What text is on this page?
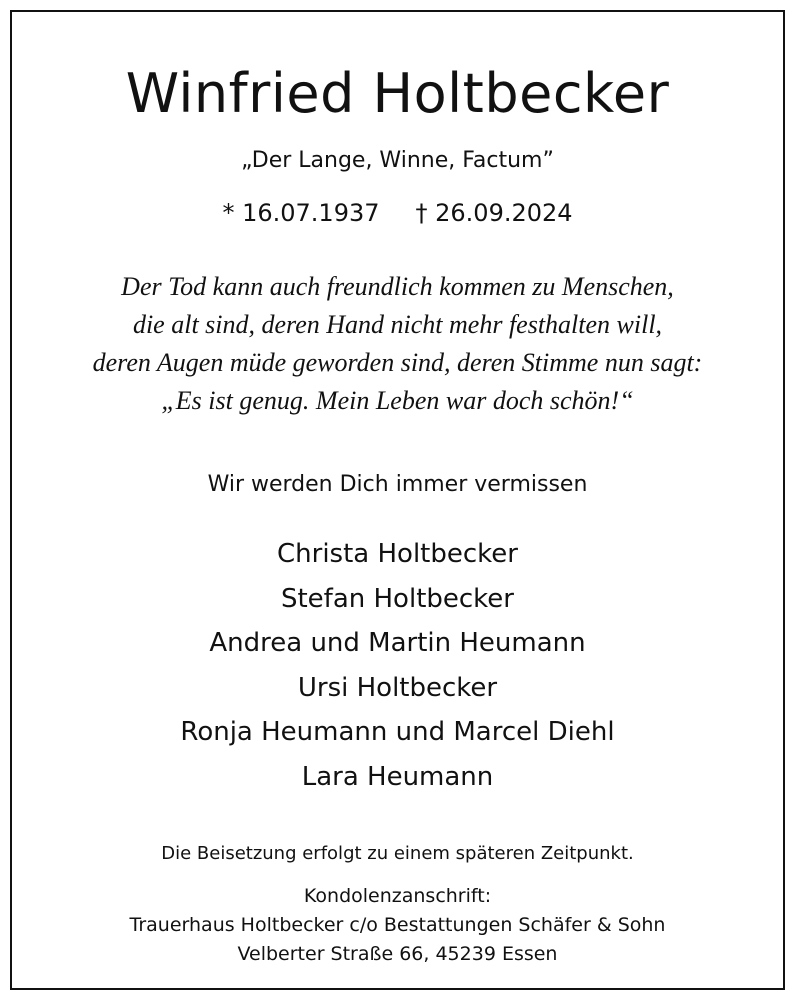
Winfried Holtbecker
„Der Lange, Winne, Factum”
* 16.07.1937 † 26.09.2024
Der Tod kann auch freundlich kommen zu Menschen,
die alt sind, deren Hand nicht mehr festhalten will,
deren Augen müde geworden sind, deren Stimme nun sagt:
„Es ist genug. Mein Leben war doch schön!“
Wir werden Dich immer vermissen
Christa Holtbecker
Stefan Holtbecker
Andrea und Martin Heumann
Ursi Holtbecker
Ronja Heumann und Marcel Diehl
Lara Heumann
Die Beisetzung erfolgt zu einem späteren Zeitpunkt.
Kondolenzanschrift:
Trauerhaus Holtbecker c/o Bestattungen Schäfer & Sohn
Velberter Straße 66, 45239 Essen
